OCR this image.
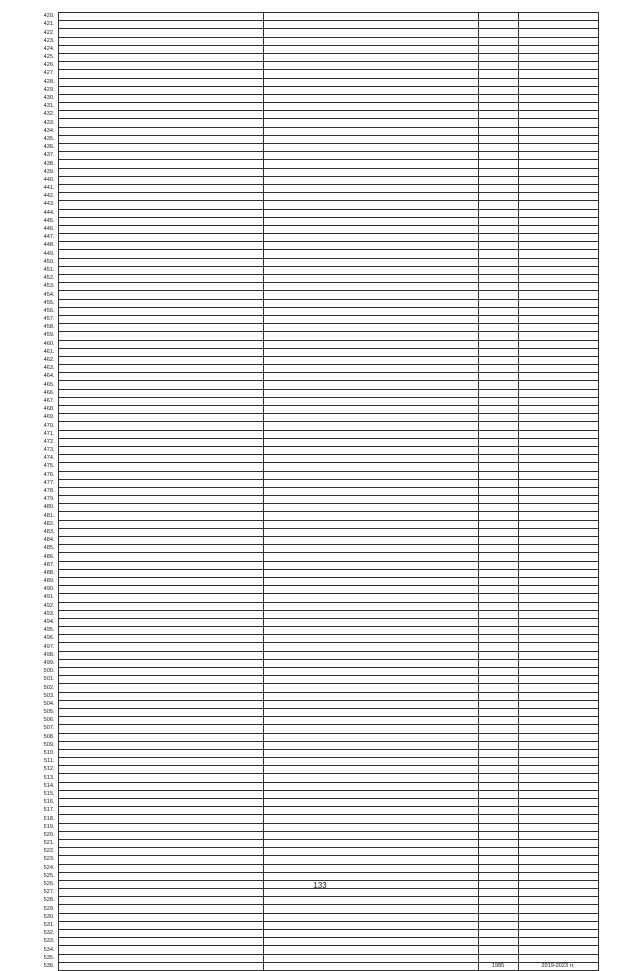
420.				
421.				
422.				
423.				
424.				
425.				
426.				
427.				
428.				
429.				
430.				
431.				
432.				
433.				
434.				
435.				
436.				
437.				
438.				
439.				
440.				
441.				
442.				
443.				
444.				
445.				
446.				
447.				
448.				
449.				
450.				
451.				
452.				
453.				
454.				
455.				
456.				
457.				
458.				
459.				
460.				
461.				
462.				
463.				
464.				
465.				
466.				
467.				
468.				
469.				
470.				
471.				
472.				
473.				
474.				
475.				
476.				
477.				
478.				
479.				
480.				
481.				
482.				
483.				
484.				
485.				
486.				
487.				
488.				
489.				
490.				
491.				
492.				
493.				
494.				
495.				
496.				
497.				
498.				
499.				
500.				
501.				
502.				
503.				
504.				
505.				
506.				
507.				
508.				
509.				
510.				
511.				
512.				
513.				
514.				
515.				
516.				
517.				
518.				
519.				
520.				
521.				
522.				
523.				
524.				
525.				
526.				
527.				
528.				
529.				
530.				
531.				
532.				
533.				
534.				
535.				
536.			1985	2019-2023 гг.
133
